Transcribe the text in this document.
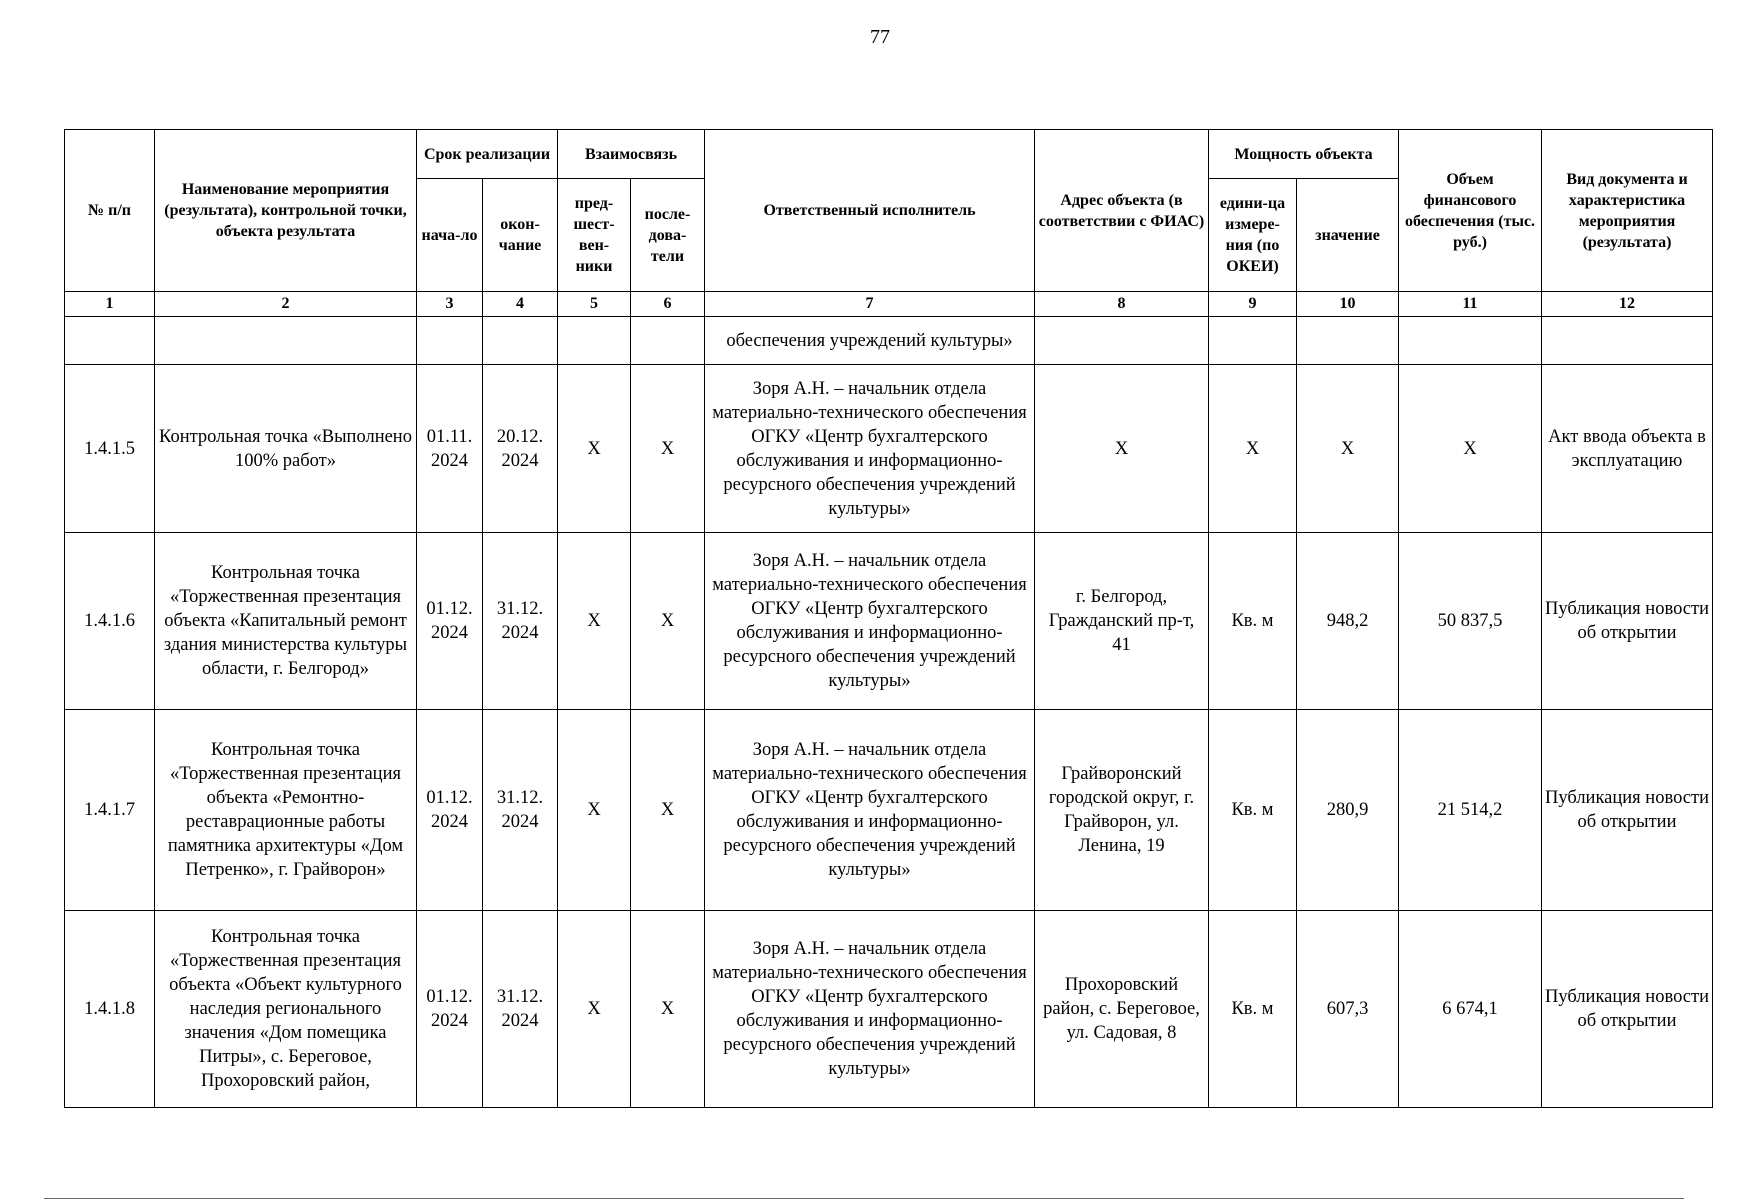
77
№ п/п	Наименование мероприятия (результата), контрольной точки, объекта результата	Срок реализации		Взаимосвязь		Ответственный исполнитель	Адрес объекта (в соответствии с ФИАС)	Мощность объекта		Объем финансового обеспечения (тыс. руб.)	Вид документа и характеристика мероприятия (результата)
		нача-ло	окон-чание	пред-шест-вен-ники	после-дова-тели			едини-ца измере-ния (по ОКЕИ)	значение		
1	2	3	4	5	6	7	8	9	10	11	12
						обеспечения учреждений культуры»					
1.4.1.5	Контрольная точка «Выполнено 100% работ»	01.11. 2024	20.12. 2024	X	X	Зоря А.Н. – начальник отдела материально-технического обеспечения ОГКУ «Центр бухгалтерского обслуживания и информационно-ресурсного обеспечения учреждений культуры»	X	X	X	X	Акт ввода объекта в эксплуатацию
1.4.1.6	Контрольная точка «Торжественная презентация объекта «Капитальный ремонт здания министерства культуры области, г. Белгород»	01.12. 2024	31.12. 2024	X	X	Зоря А.Н. – начальник отдела материально-технического обеспечения ОГКУ «Центр бухгалтерского обслуживания и информационно-ресурсного обеспечения учреждений культуры»	г. Белгород, Гражданский пр-т, 41	Кв. м	948,2	50 837,5	Публикация новости об открытии
1.4.1.7	Контрольная точка «Торжественная презентация объекта «Ремонтно-реставрационные работы памятника архитектуры «Дом Петренко», г. Грайворон»	01.12. 2024	31.12. 2024	X	X	Зоря А.Н. – начальник отдела материально-технического обеспечения ОГКУ «Центр бухгалтерского обслуживания и информационно-ресурсного обеспечения учреждений культуры»	Грайворонский городской округ, г. Грайворон, ул. Ленина, 19	Кв. м	280,9	21 514,2	Публикация новости об открытии
1.4.1.8	Контрольная точка «Торжественная презентация объекта «Объект культурного наследия регионального значения «Дом помещика Питры», с. Береговое, Прохоровский район,	01.12. 2024	31.12. 2024	X	X	Зоря А.Н. – начальник отдела материально-технического обеспечения ОГКУ «Центр бухгалтерского обслуживания и информационно-ресурсного обеспечения учреждений культуры»	Прохоровский район, с. Береговое, ул. Садовая, 8	Кв. м	607,3	6 674,1	Публикация новости об открытии
